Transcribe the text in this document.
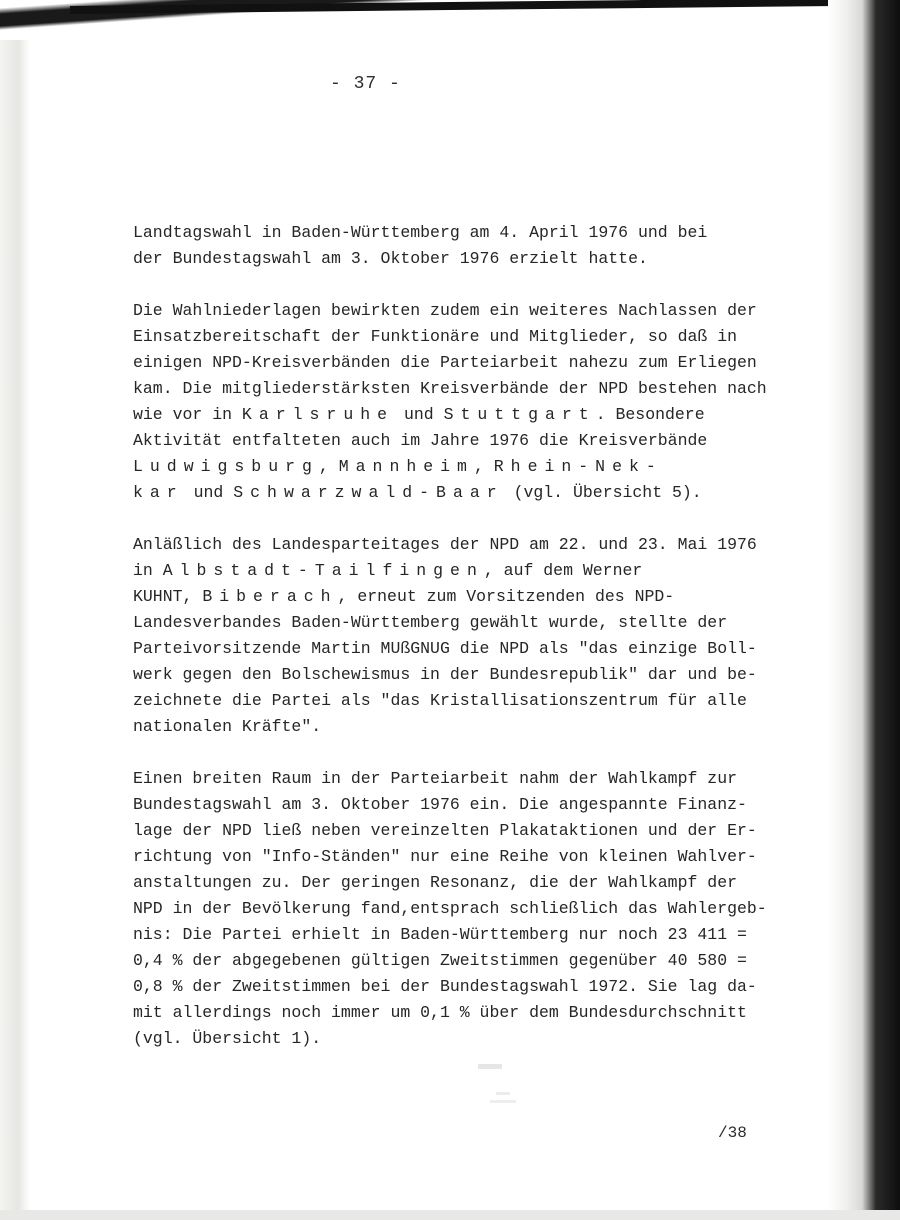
- 37 -
Landtagswahl in Baden-Württemberg am 4. April 1976 und bei
der Bundestagswahl am 3. Oktober 1976 erzielt hatte.
Die Wahlniederlagen bewirkten zudem ein weiteres Nachlassen der
Einsatzbereitschaft der Funktionäre und Mitglieder, so daß in
einigen NPD-Kreisverbänden die Parteiarbeit nahezu zum Erliegen
kam. Die mitgliederstärksten Kreisverbände der NPD bestehen nach
wie vor in Karlsruhe und Stuttgart. Besondere
Aktivität entfalteten auch im Jahre 1976 die Kreisverbände
Ludwigsburg, Mannheim, Rhein-Nek-
kar und Schwarzwald-Baar (vgl. Übersicht 5).
Anläßlich des Landesparteitages der NPD am 22. und 23. Mai 1976
in Albstadt-Tailfingen, auf dem Werner
KUHNT, Biberach, erneut zum Vorsitzenden des NPD-
Landesverbandes Baden-Württemberg gewählt wurde, stellte der
Parteivorsitzende Martin MUßGNUG die NPD als "das einzige Boll-
werk gegen den Bolschewismus in der Bundesrepublik" dar und be-
zeichnete die Partei als "das Kristallisationszentrum für alle
nationalen Kräfte".
Einen breiten Raum in der Parteiarbeit nahm der Wahlkampf zur
Bundestagswahl am 3. Oktober 1976 ein. Die angespannte Finanz-
lage der NPD ließ neben vereinzelten Plakataktionen und der Er-
richtung von "Info-Ständen" nur eine Reihe von kleinen Wahlver-
anstaltungen zu. Der geringen Resonanz, die der Wahlkampf der
NPD in der Bevölkerung fand,entsprach schließlich das Wahlergeb-
nis: Die Partei erhielt in Baden-Württemberg nur noch 23 411 =
0,4 % der abgegebenen gültigen Zweitstimmen gegenüber 40 580 =
0,8 % der Zweitstimmen bei der Bundestagswahl 1972. Sie lag da-
mit allerdings noch immer um 0,1 % über dem Bundesdurchschnitt
(vgl. Übersicht 1).
/38
